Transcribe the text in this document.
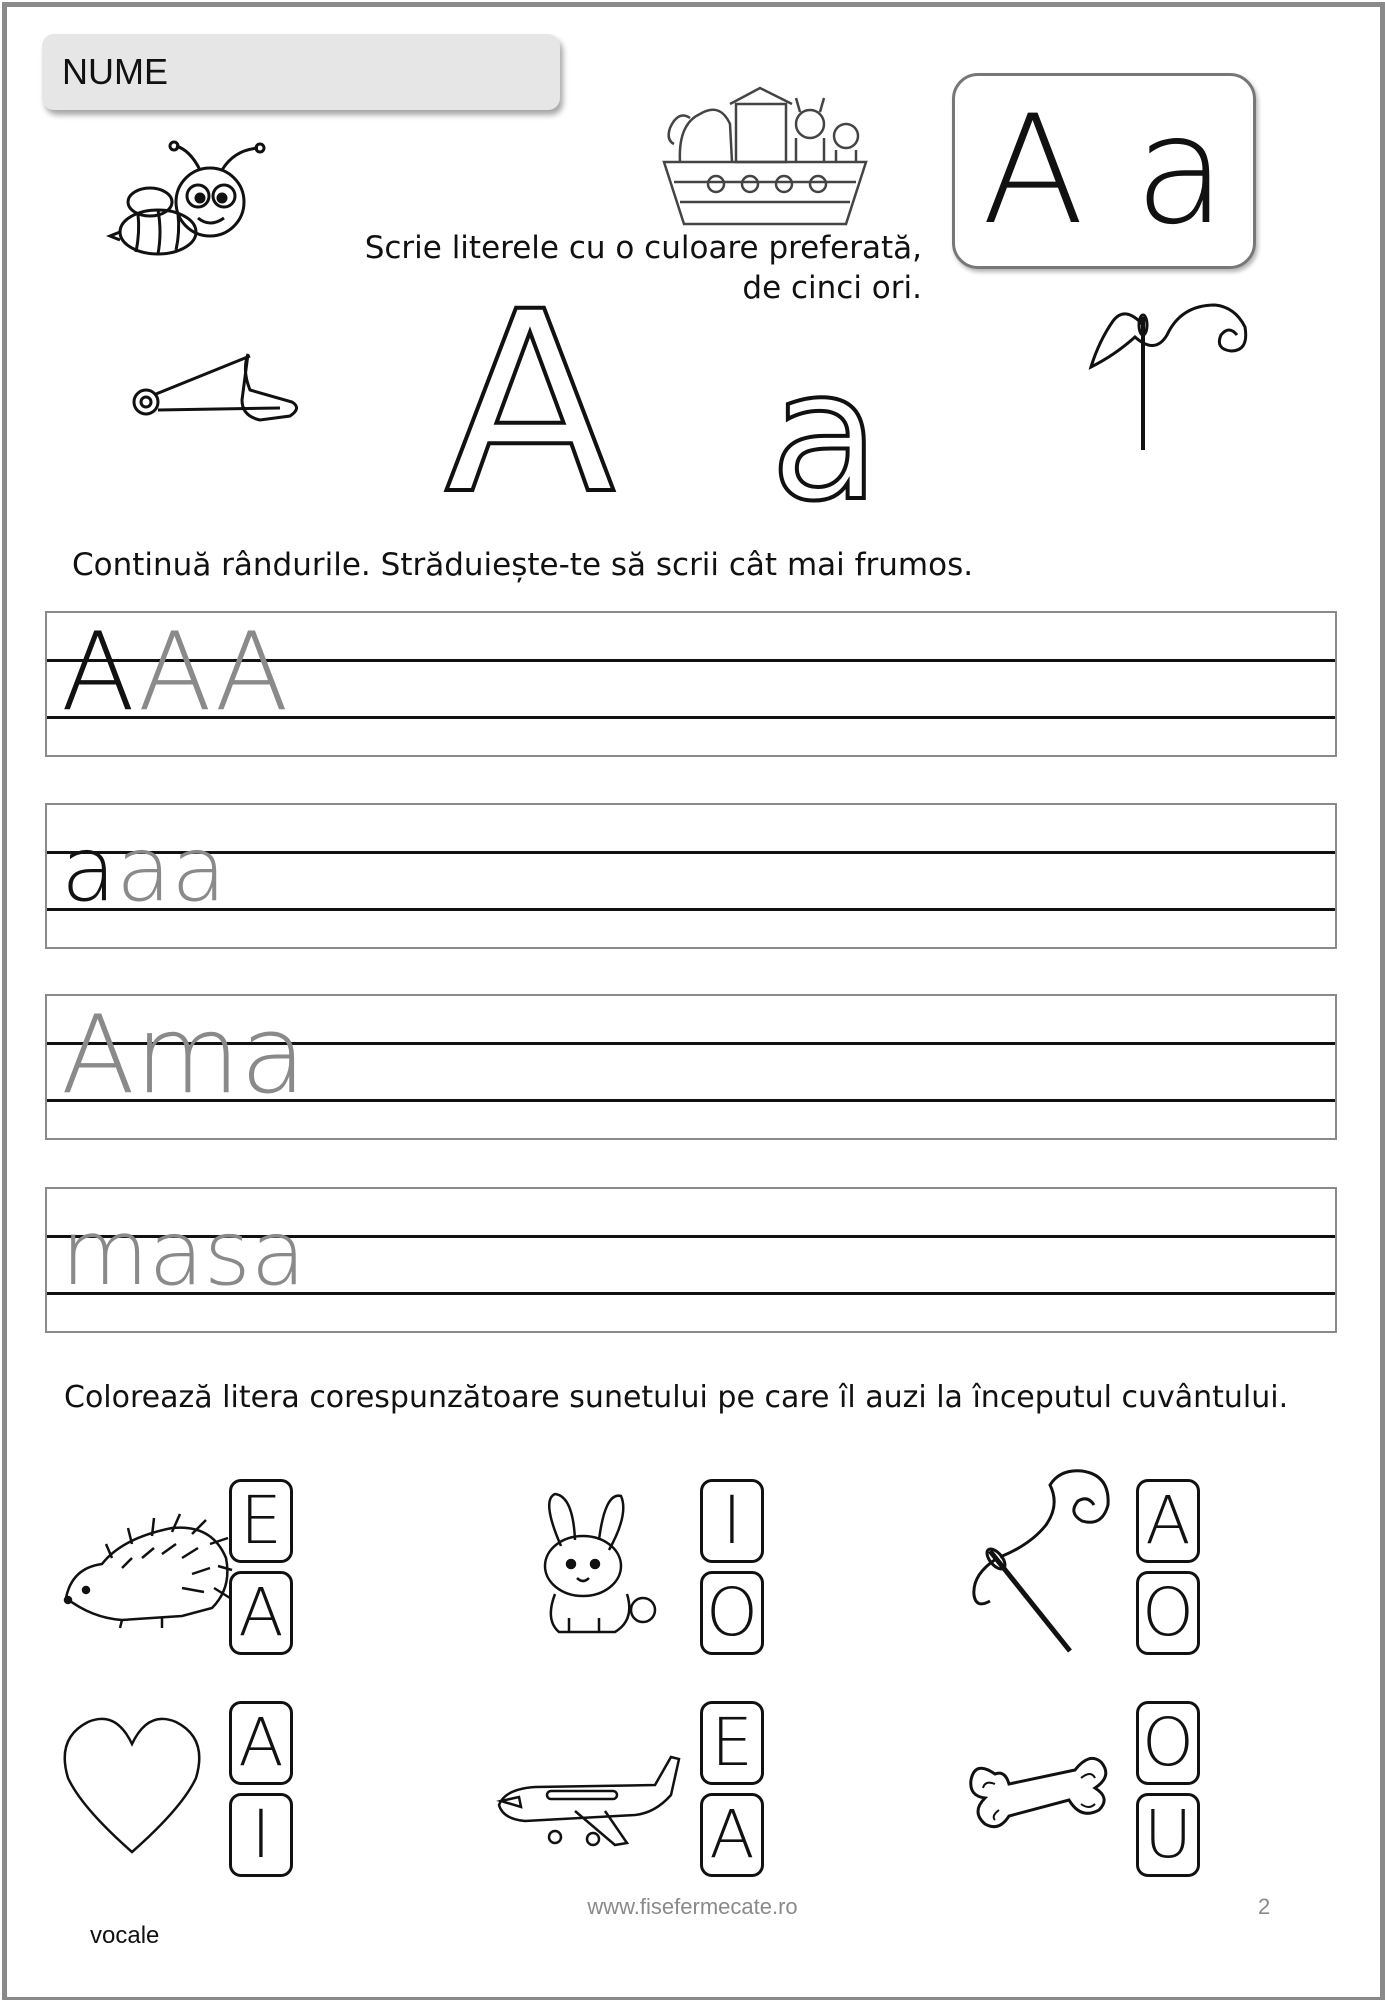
NUME
A a
Scrie literele cu o culoare preferată,
de cinci ori.
A a
Continuă rândurile. Străduiește-te să scrii cât mai frumos.
AAA
aaa
Ama
masa
Colorează litera corespunzătoare sunetului pe care îl auzi la începutul cuvântului.
E
A
I
O
A
O
A
I
E
A
O
U
www.fisefermecate.ro	2
vocale
